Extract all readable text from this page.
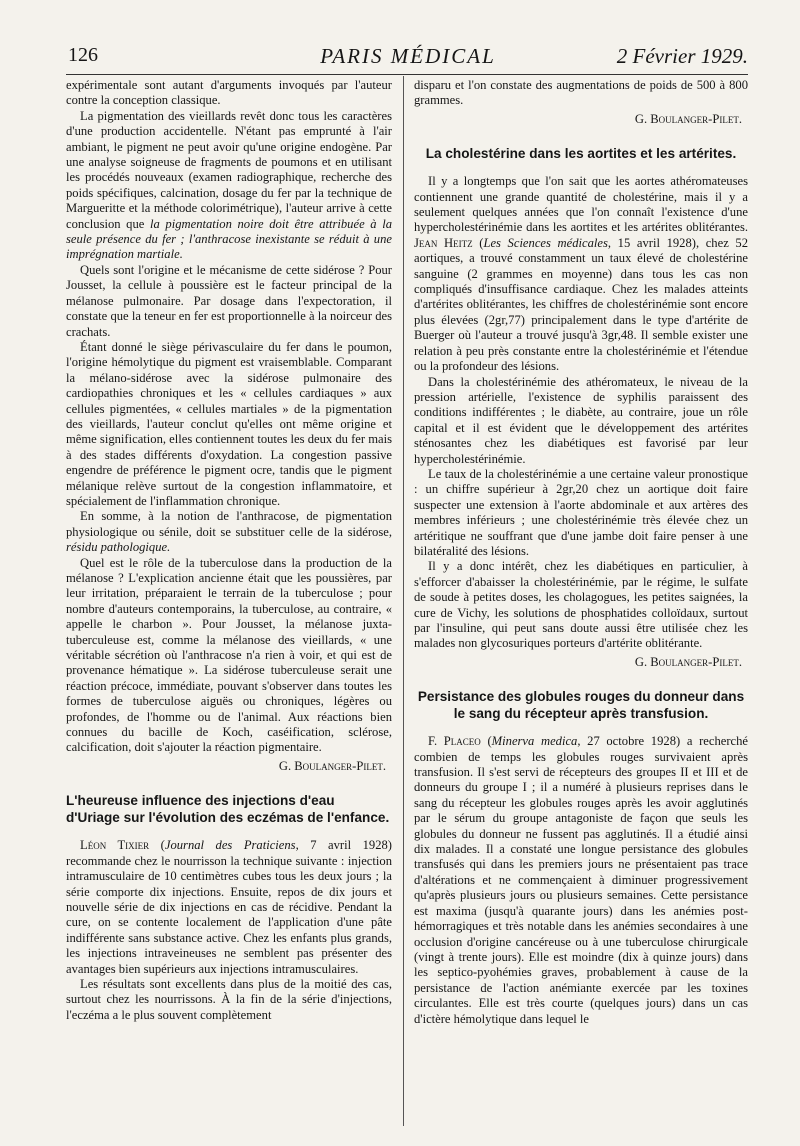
126	PARIS MÉDICAL	2 Février 1929.

expérimentale sont autant d'arguments invoqués par l'auteur contre la conception classique.

La pigmentation des vieillards revêt donc tous les caractères d'une production accidentelle. N'étant pas emprunté à l'air ambiant, le pigment ne peut avoir qu'une origine endogène. Par une analyse soigneuse de fragments de poumons et en utilisant les procédés nouveaux (examen radiographique, recherche des poids spécifiques, calcination, dosage du fer par la technique de Margueritte et la méthode colorimétrique), l'auteur arrive à cette conclusion que la pigmentation noire doit être attribuée à la seule présence du fer ; l'anthracose inexistante se réduit à une imprégnation martiale.

Quels sont l'origine et le mécanisme de cette sidérose ? Pour Jousset, la cellule à poussière est le facteur principal de la mélanose pulmonaire. Par dosage dans l'expectoration, il constate que la teneur en fer est proportionnelle à la noirceur des crachats.

Étant donné le siège périvasculaire du fer dans le poumon, l'origine hémolytique du pigment est vraisemblable. Comparant la mélano-sidérose avec la sidérose pulmonaire des cardiopathies chroniques et les « cellules cardiaques » aux cellules pigmentées, « cellules martiales » de la pigmentation des vieillards, l'auteur conclut qu'elles ont même origine et même signification, elles contiennent toutes les deux du fer mais à des stades différents d'oxydation. La congestion passive engendre de préférence le pigment ocre, tandis que le pigment mélanique relève surtout de la congestion inflammatoire, et spécialement de l'inflammation chronique.

En somme, à la notion de l'anthracose, de pigmentation physiologique ou sénile, doit se substituer celle de la sidérose, résidu pathologique.

Quel est le rôle de la tuberculose dans la production de la mélanose ? L'explication ancienne était que les poussières, par leur irritation, préparaient le terrain de la tuberculose ; pour nombre d'auteurs contemporains, la tuberculose, au contraire, « appelle le charbon ». Pour Jousset, la mélanose juxta-tuberculeuse est, comme la mélanose des vieillards, « une véritable sécrétion où l'anthracose n'a rien à voir, et qui est de provenance hématique ». La sidérose tuberculeuse serait une réaction précoce, immédiate, pouvant s'observer dans toutes les formes de tuberculose aiguës ou chroniques, légères ou profondes, de l'homme ou de l'animal. Aux réactions bien connues du bacille de Koch, caséification, sclérose, calcification, doit s'ajouter la réaction pigmentaire.

G. Boulanger-Pilet.
L'heureuse influence des injections d'eau d'Uriage sur l'évolution des eczémas de l'enfance.

Léon Tixier (Journal des Praticiens, 7 avril 1928) recommande chez le nourrisson la technique suivante : injection intramusculaire de 10 centimètres cubes tous les deux jours ; la série comporte dix injections. Ensuite, repos de dix jours et nouvelle série de dix injections en cas de récidive. Pendant la cure, on se contente localement de l'application d'une pâte indifférente sans substance active. Chez les enfants plus grands, les injections intraveineuses ne semblent pas présenter des avantages bien supérieurs aux injections intramusculaires.

Les résultats sont excellents dans plus de la moitié des cas, surtout chez les nourrissons. À la fin de la série d'injections, l'eczéma a le plus souvent complètement

disparu et l'on constate des augmentations de poids de 500 à 800 grammes.

G. Boulanger-Pilet.
La cholestérine dans les aortites et les artérites.

Il y a longtemps que l'on sait que les aortes athéromateuses contiennent une grande quantité de cholestérine, mais il y a seulement quelques années que l'on connaît l'existence d'une hypercholestérinémie dans les aortites et les artérites oblitérantes. Jean Heitz (Les Sciences médicales, 15 avril 1928), chez 52 aortiques, a trouvé constamment un taux élevé de cholestérine sanguine (2 grammes en moyenne) dans tous les cas non compliqués d'insuffisance cardiaque. Chez les malades atteints d'artérites oblitérantes, les chiffres de cholestérinémie sont encore plus élevées (2gr,77) principalement dans le type d'artérite de Buerger où l'auteur a trouvé jusqu'à 3gr,48. Il semble exister une relation à peu près constante entre la cholestérinémie et l'étendue ou la profondeur des lésions.

Dans la cholestérinémie des athéromateux, le niveau de la pression artérielle, l'existence de syphilis paraissent des conditions indifférentes ; le diabète, au contraire, joue un rôle capital et il est évident que le développement des artérites sténosantes chez les diabétiques est favorisé par leur hypercholestérinémie.

Le taux de la cholestérinémie a une certaine valeur pronostique : un chiffre supérieur à 2gr,20 chez un aortique doit faire suspecter une extension à l'aorte abdominale et aux artères des membres inférieurs ; une cholestérinémie très élevée chez un artéritique ne souffrant que d'une jambe doit faire penser à une bilatéralité des lésions.

Il y a donc intérêt, chez les diabétiques en particulier, à s'efforcer d'abaisser la cholestérinémie, par le régime, le sulfate de soude à petites doses, les cholagogues, les petites saignées, la cure de Vichy, les solutions de phosphatides colloïdaux, surtout par l'insuline, qui peut sans doute aussi être utilisée chez les malades non glycosuriques porteurs d'artérite oblitérante.

G. Boulanger-Pilet.
Persistance des globules rouges du donneur dans le sang du récepteur après transfusion.

F. Placeo (Minerva medica, 27 octobre 1928) a recherché combien de temps les globules rouges survivaient après transfusion. Il s'est servi de récepteurs des groupes II et III et de donneurs du groupe I ; il a numéré à plusieurs reprises dans le sang du récepteur les globules rouges après les avoir agglutinés par le sérum du groupe antagoniste de façon que seuls les globules du donneur ne fussent pas agglutinés. Il a étudié ainsi dix malades. Il a constaté une longue persistance des globules transfusés qui dans les premiers jours ne présentaient pas trace d'altérations et ne commençaient à diminuer progressivement qu'après plusieurs jours ou plusieurs semaines. Cette persistance est maxima (jusqu'à quarante jours) dans les anémies post-hémorragiques et très notable dans les anémies secondaires à une occlusion d'origine cancéreuse ou à une tuberculose chirurgicale (vingt à trente jours). Elle est moindre (dix à quinze jours) dans les septico-pyohémies graves, probablement à cause de la persistance de l'action anémiante exercée par les toxines circulantes. Elle est très courte (quelques jours) dans un cas d'ictère hémolytique dans lequel le
